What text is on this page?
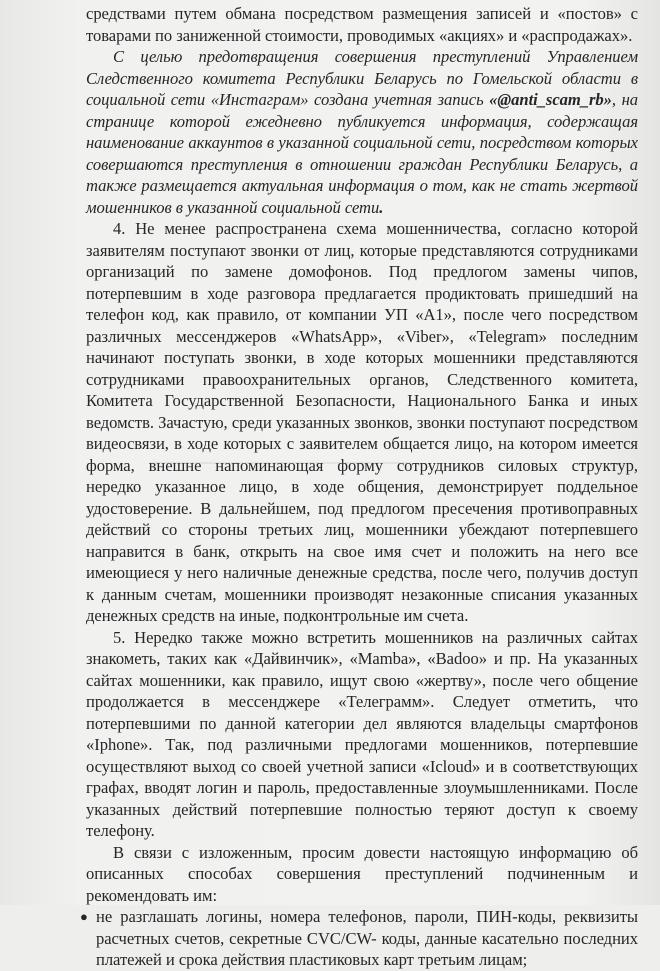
средствами путем обмана посредством размещения записей и «постов» с товарами по заниженной стоимости, проводимых «акциях» и «распродажах».

С целью предотвращения совершения преступлений Управлением Следственного комитета Республики Беларусь по Гомельской области в социальной сети «Инстаграм» создана учетная запись «@anti_scam_rb», на странице которой ежедневно публикуется информация, содержащая наименование аккаунтов в указанной социальной сети, посредством которых совершаются преступления в отношении граждан Республики Беларусь, а также размещается актуальная информация о том, как не стать жертвой мошенников в указанной социальной сети.

4. Не менее распространена схема мошенничества, согласно которой заявителям поступают звонки от лиц, которые представляются сотрудниками организаций по замене домофонов. Под предлогом замены чипов, потерпевшим в ходе разговора предлагается продиктовать пришедший на телефон код, как правило, от компании УП «А1», после чего посредством различных мессенджеров «WhatsApp», «Viber», «Telegram» последним начинают поступать звонки, в ходе которых мошенники представляются сотрудниками правоохранительных органов, Следственного комитета, Комитета Государственной Безопасности, Национального Банка и иных ведомств. Зачастую, среди указанных звонков, звонки поступают посредством видеосвязи, в ходе которых с заявителем общается лицо, на котором имеется форма, внешне напоминающая форму сотрудников силовых структур, нередко указанное лицо, в ходе общения, демонстрирует поддельное удостоверение. В дальнейшем, под предлогом пресечения противоправных действий со стороны третьих лиц, мошенники убеждают потерпевшего направится в банк, открыть на свое имя счет и положить на него все имеющиеся у него наличные денежные средства, после чего, получив доступ к данным счетам, мошенники производят незаконные списания указанных денежных средств на иные, подконтрольные им счета.

5. Нередко также можно встретить мошенников на различных сайтах знакометь, таких как «Дайвинчик», «Mamba», «Badoo» и пр. На указанных сайтах мошенники, как правило, ищут свою «жертву», после чего общение продолжается в мессенджере «Телеграмм». Следует отметить, что потерпевшими по данной категории дел являются владельцы смартфонов «Iphone». Так, под различными предлогами мошенников, потерпевшие осуществляют выход со своей учетной записи «Icloud» и в соответствующих графах, вводят логин и пароль, предоставленные злоумышленниками. После указанных действий потерпевшие полностью теряют доступ к своему телефону.

В связи с изложенным, просим довести настоящую информацию об описанных способах совершения преступлений подчиненным и рекомендовать им:

● не разглашать логины, номера телефонов, пароли, ПИН-коды, реквизиты расчетных счетов, секретные CVC/CW- коды, данные касательно последних платежей и срока действия пластиковых карт третьим лицам;
